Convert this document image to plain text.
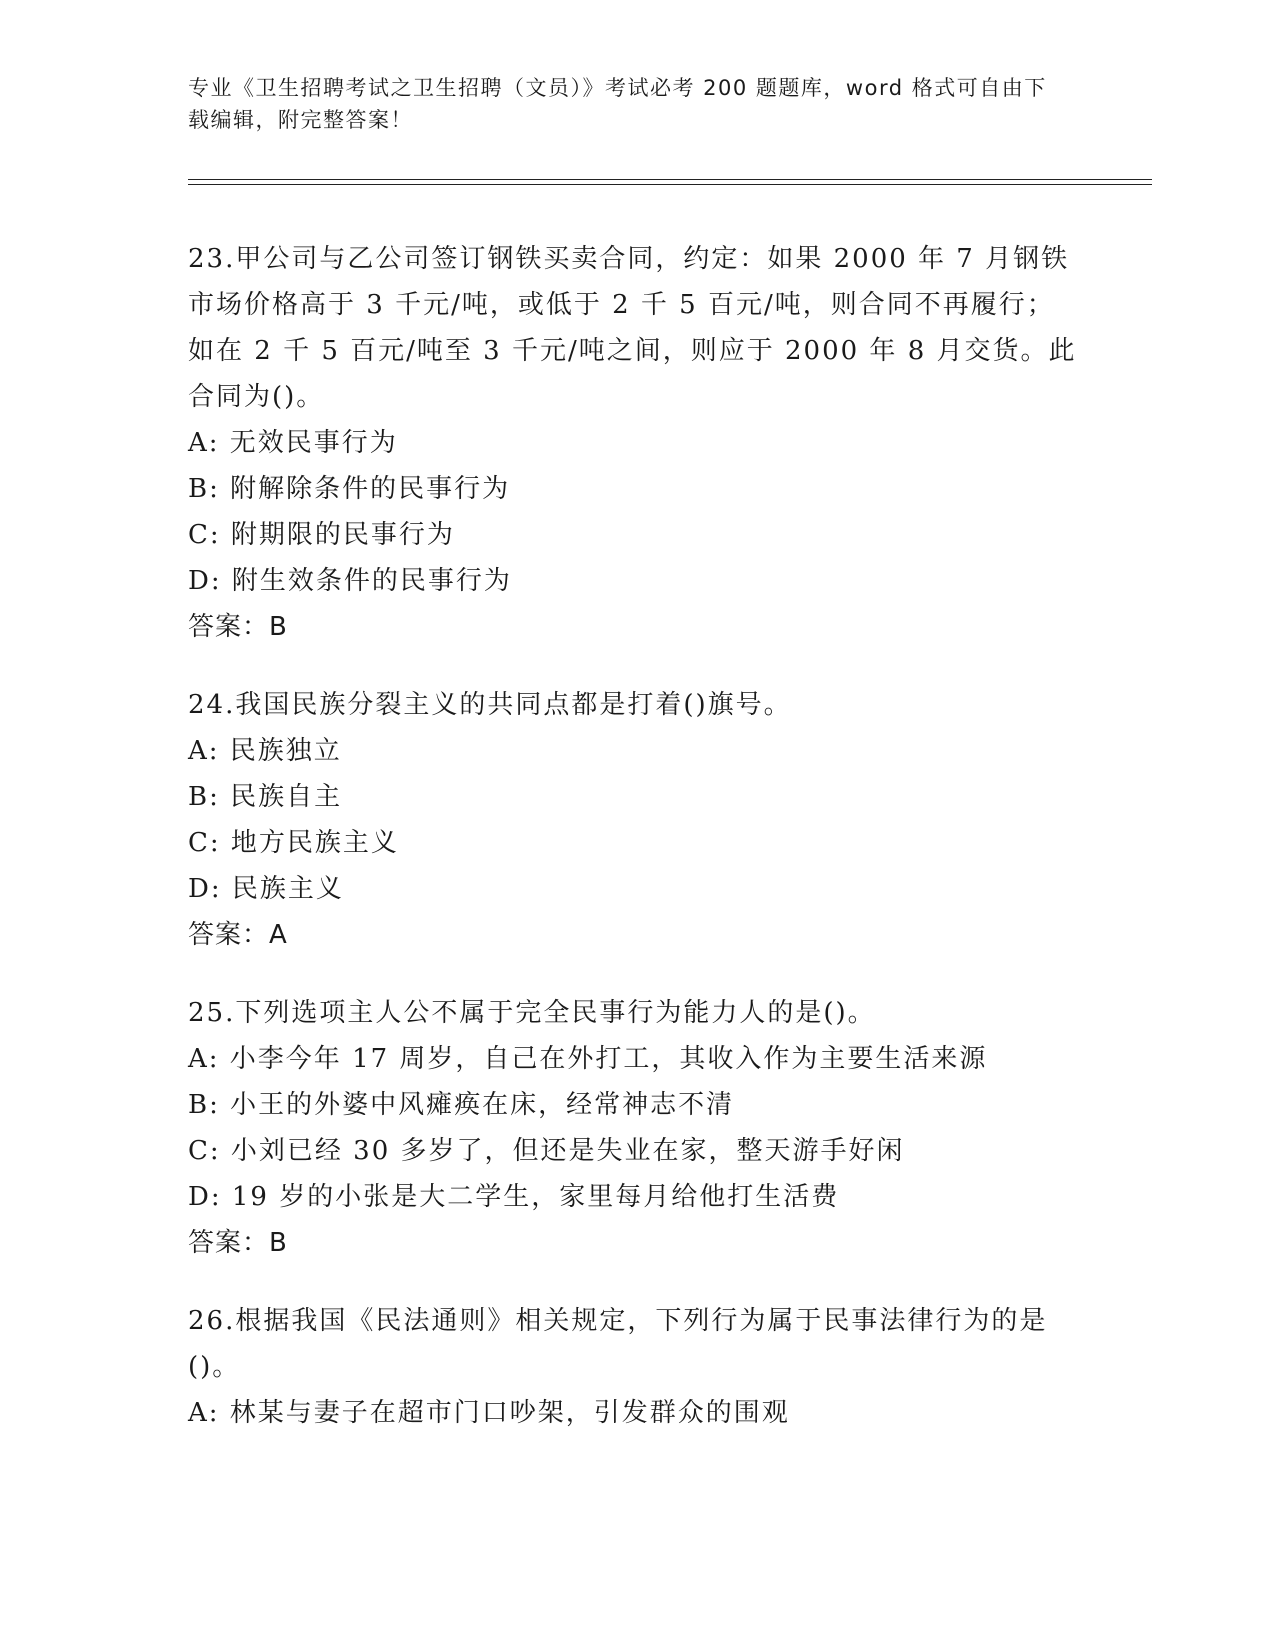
专业《卫生招聘考试之卫生招聘（文员）》考试必考 200 题题库，word 格式可自由下载编辑，附完整答案！

23.甲公司与乙公司签订钢铁买卖合同，约定：如果 2000 年 7 月钢铁市场价格高于 3 千元/吨，或低于 2 千 5 百元/吨，则合同不再履行；如在 2 千 5 百元/吨至 3 千元/吨之间，则应于 2000 年 8 月交货。此合同为()。

A: 无效民事行为

B: 附解除条件的民事行为

C: 附期限的民事行为

D: 附生效条件的民事行为

答案：B

24.我国民族分裂主义的共同点都是打着()旗号。

A: 民族独立

B: 民族自主

C: 地方民族主义

D: 民族主义

答案：A

25.下列选项主人公不属于完全民事行为能力人的是()。

A: 小李今年 17 周岁，自己在外打工，其收入作为主要生活来源

B: 小王的外婆中风瘫痪在床，经常神志不清

C: 小刘已经 30 多岁了，但还是失业在家，整天游手好闲

D: 19 岁的小张是大二学生，家里每月给他打生活费

答案：B

26.根据我国《民法通则》相关规定，下列行为属于民事法律行为的是()。

A: 林某与妻子在超市门口吵架，引发群众的围观
